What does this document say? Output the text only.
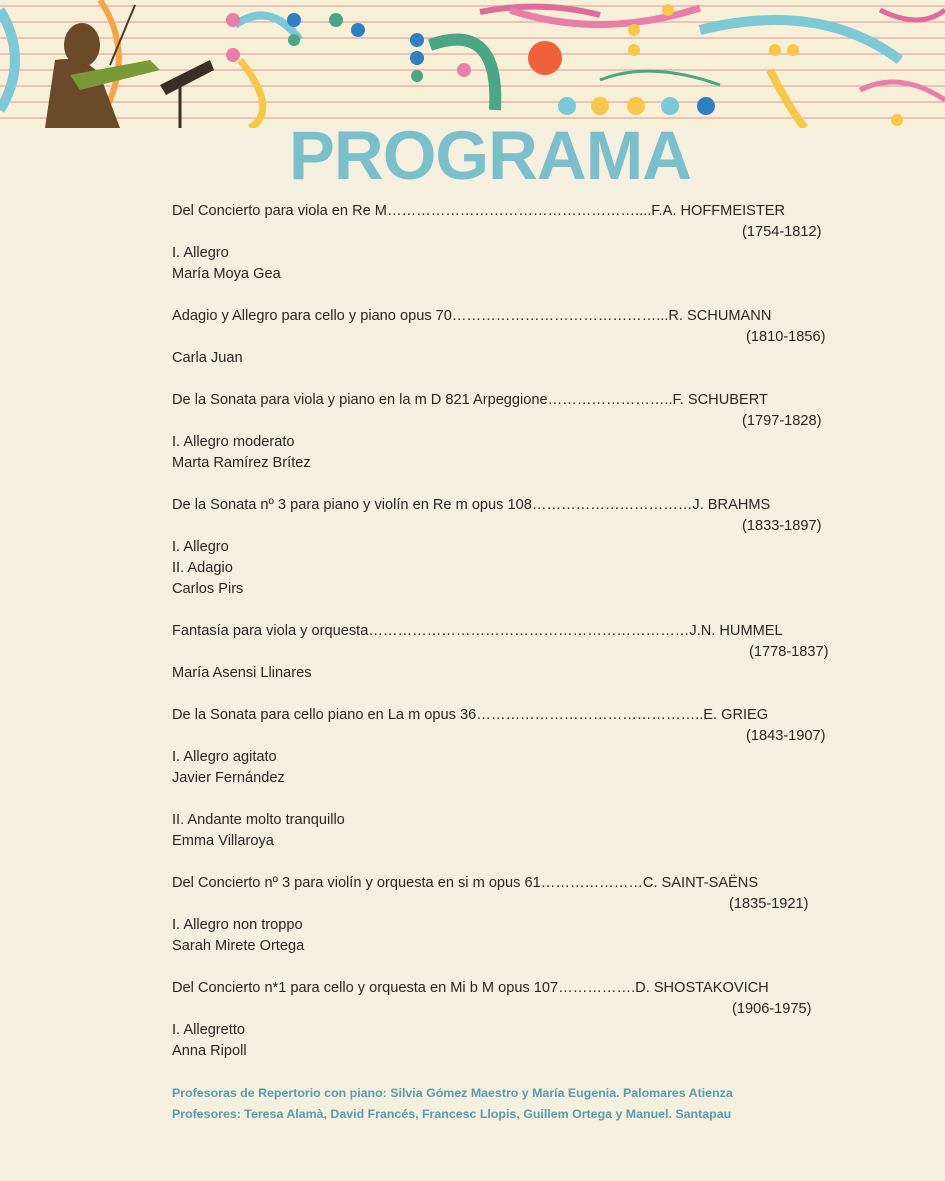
PROGRAMA
Del Concierto para viola en Re M……………………………………………....F.A. HOFFMEISTER
(1754-1812)
I. Allegro
María Moya Gea
Adagio y Allegro para cello y piano opus 70……………………………………...R. SCHUMANN
(1810-1856)
Carla Juan
De la Sonata para viola y piano en la m D 821 Arpeggione……………………..F. SCHUBERT
(1797-1828)
I. Allegro moderato
Marta Ramírez Brítez
De la Sonata nº 3 para piano y violín en Re m opus 108……………………………J. BRAHMS
(1833-1897)
I. Allegro
II. Adagio
Carlos Pirs
Fantasía para viola y orquesta…………………………………………………………J.N. HUMMEL
(1778-1837)
María Asensi Llinares
De la Sonata para cello piano en La m opus 36………………………………………..E. GRIEG
(1843-1907)
I. Allegro agitato
Javier Fernández
II. Andante molto tranquillo
Emma Villaroya
Del Concierto nº 3 para violín y orquesta en si m opus 61…………………C. SAINT-SAËNS
(1835-1921)
I. Allegro non troppo
Sarah Mirete Ortega
Del Concierto n*1 para cello y orquesta en Mi b M opus 107…………….D. SHOSTAKOVICH
(1906-1975)
I. Allegretto
Anna Ripoll
Profesoras de Repertorio con piano: Silvia Gómez Maestro y María Eugenia. Palomares Atienza
Profesores: Teresa Alamà, David Francés, Francesc Llopis, Guillem Ortega y Manuel. Santapau
